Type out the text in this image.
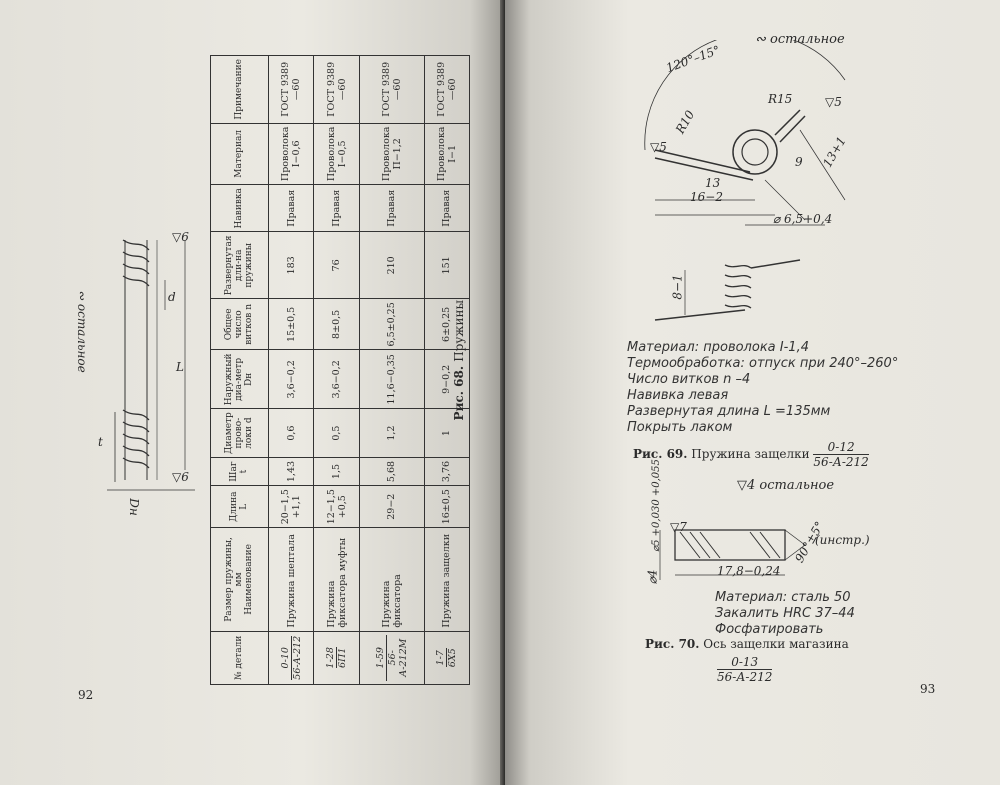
∾ остальное
Dн
t
d
L
▽6
▽6
№ детали	Размер пружины, мм
Наименование	Длина L	Шаг t	Диаметр прово-локи d	Наружный диа-метр Dн	Общее число витков n	Развернутая дли-на пружины	Навивка	Материал	Примечание

0-10 56-А-212	Пружина шептала	20−1,5 +1,1	1,43	0,6	3,6−0,2	15±0,5	183	Правая	Проволока I−0,6	ГОСТ 9389—60

1-28 6П1	Пружина фиксатора муфты	12−1,5 +0,5	1,5	0,5	3,6−0,2	8±0,5	76	Правая	Проволока I−0,5	ГОСТ 9389—60

1-59 56-А-212М	Пружина фиксатора	29−2	5,68	1,2	11,6−0,35	6,5±0,25	210	Правая	Проволока П−1,2	ГОСТ 9389—60

1-7 6Х5	Пружина защелки	16±0,5	3,76	1	9−0,2	6±0,25	151	Правая	Проволока I−1	ГОСТ 9389—60
Рис. 68. Пружины
92
∾ остальное
120°–15°
R15
R10
▽5
▽5
13
16−2
9 13+1
⌀ 6,5+0,4
8−1
Материал: проволока I-1,4
Термообработка: отпуск при 240°–260°
Число витков n –4
Навивка левая
Развернутая длина L =135мм
Покрыть лаком
Рис. 69. Пружина защелки	0-12
56-А-212
▽4 остальное
⌀5 +0,030 +0,055 ▽7
⌀4	17,8−0,24
90°±5°
(инстр.)
Материал: сталь 50
Закалить HRC 37–44
Фосфатировать
Рис. 70. Ось защелки магазина
0-13
56-А-212
93
